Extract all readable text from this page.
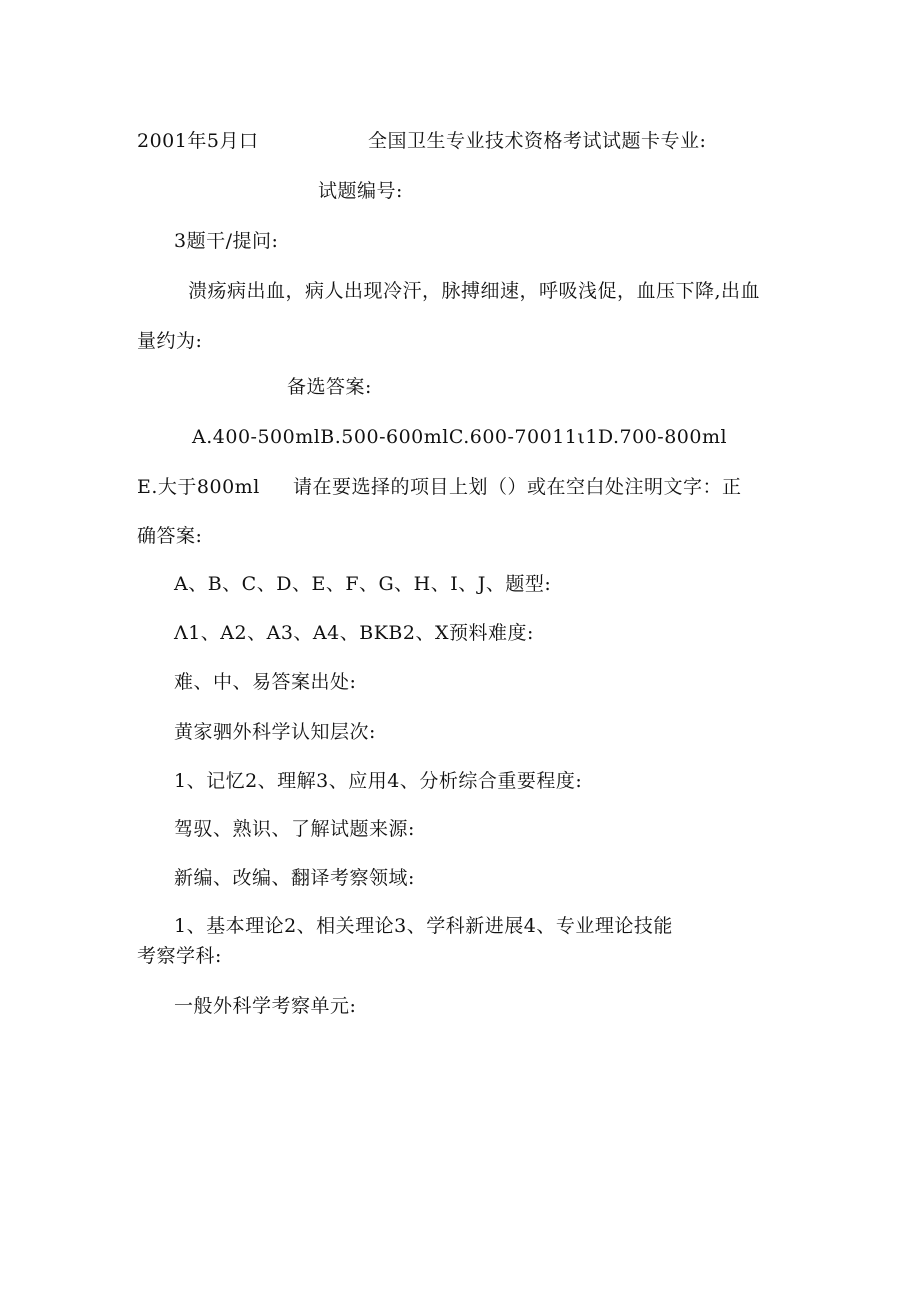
2001年5月口	全国卫生专业技术资格考试试题卡专业:
试题编号:
3题干/提问:
溃疡病出血，病人出现冷汗，脉搏细速，呼吸浅促，血压下降,出血
量约为:
备选答案:
A.400-500mlB.500-600mlC.600-70011ι1D.700-800ml
E.大于800ml 请在要选择的项目上划（）或在空白处注明文字：正
确答案:
A、B、C、D、E、F、G、H、I、J、题型:
Λ1、A2、A3、A4、BKB2、X预料难度:
难、中、易答案出处:
黄家驷外科学认知层次:
1、记忆2、理解3、应用4、分析综合重要程度:
驾驭、熟识、了解试题来源:
新编、改编、翻译考察领域:
1、基本理论2、相关理论3、学科新进展4、专业理论技能
考察学科:
一般外科学考察单元:
